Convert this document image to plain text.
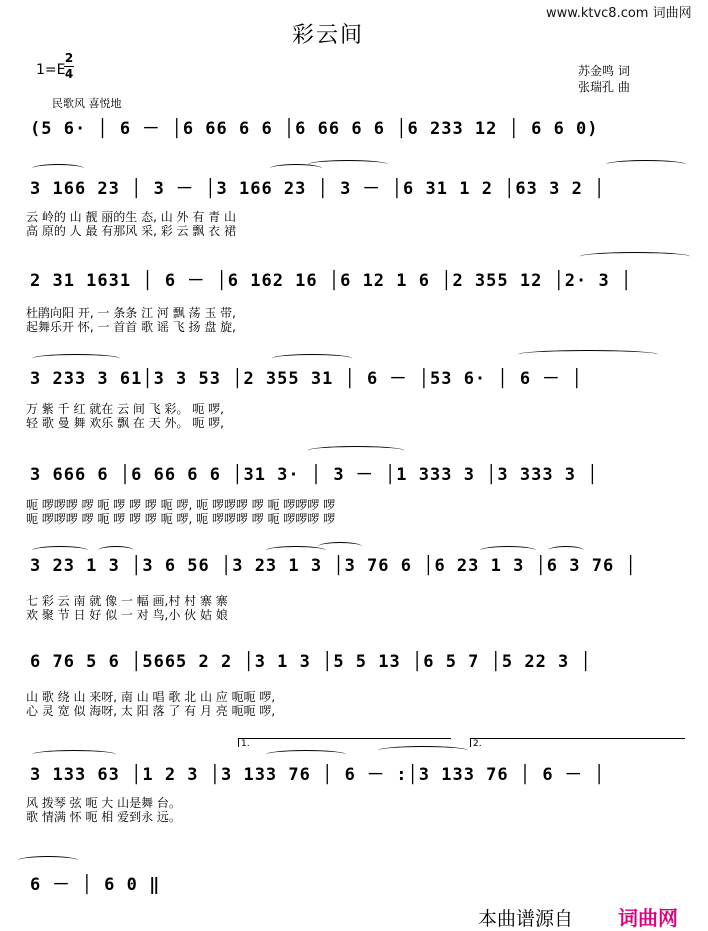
www.ktvc8.com 词曲网
彩云间
1=E
2
4
民歌风 喜悦地
苏金鸣 词
张瑞孔 曲
(5 6· │ 6 － │6 66 6 6 │6 66 6 6 │6 233 12 │ 6 6 0)
3 166 23 │ 3 － │3 166 23 │ 3 － │6 31 1 2 │63 3 2 │
云 岭的 山 靓 丽的生 态, 山 外 有 青 山
高 原的 人 最 有那风 采, 彩 云 飘 衣 裙
2 31 1631 │ 6 － │6 162 16 │6 12 1 6 │2 355 12 │2· 3 │
杜鹃向阳 开, 一 条条 江 河 飘 荡 玉 带,
起舞乐开 怀, 一 首首 歌 谣 飞 扬 盘 旋,
3 233 3 61│3 3 53 │2 355 31 │ 6 － │53 6· │ 6 － │
万 紫 千 红 就在 云 间 飞 彩。 呃 啰,
轻 歌 曼 舞 欢乐 飘 在 天 外。 呃 啰,
3 666 6 │6 66 6 6 │31 3· │ 3 － │1 333 3 │3 333 3 │
呃 啰啰啰 啰 呃 啰 啰 啰 呃 啰, 呃 啰啰啰 啰 呃 啰啰啰 啰
呃 啰啰啰 啰 呃 啰 啰 啰 呃 啰, 呃 啰啰啰 啰 呃 啰啰啰 啰
3 23 1 3 │3 6 56 │3 23 1 3 │3 76 6 │6 23 1 3 │6 3 76 │
七 彩 云 南 就 像 一 幅 画,村 村 寨 寨
欢 聚 节 日 好 似 一 对 鸟,小 伙 姑 娘
6 76 5 6 │5665 2 2 │3 1 3 │5 5 13 │6 5 7 │5 22 3 │
山 歌 绕 山 来呀, 南 山 唱 歌 北 山 应 呃呃 啰,
心 灵 宽 似 海呀, 太 阳 落 了 有 月 亮 呃呃 啰,
1.	2.
3 133 63 │1 2 3 │3 133 76 │ 6 － :│3 133 76 │ 6 － │
风 拨琴 弦 呃 大 山是舞 台。
歌 情满 怀 呃 相 爱到永 远。
6 － │ 6 0 ‖
本曲谱源自 词曲网
